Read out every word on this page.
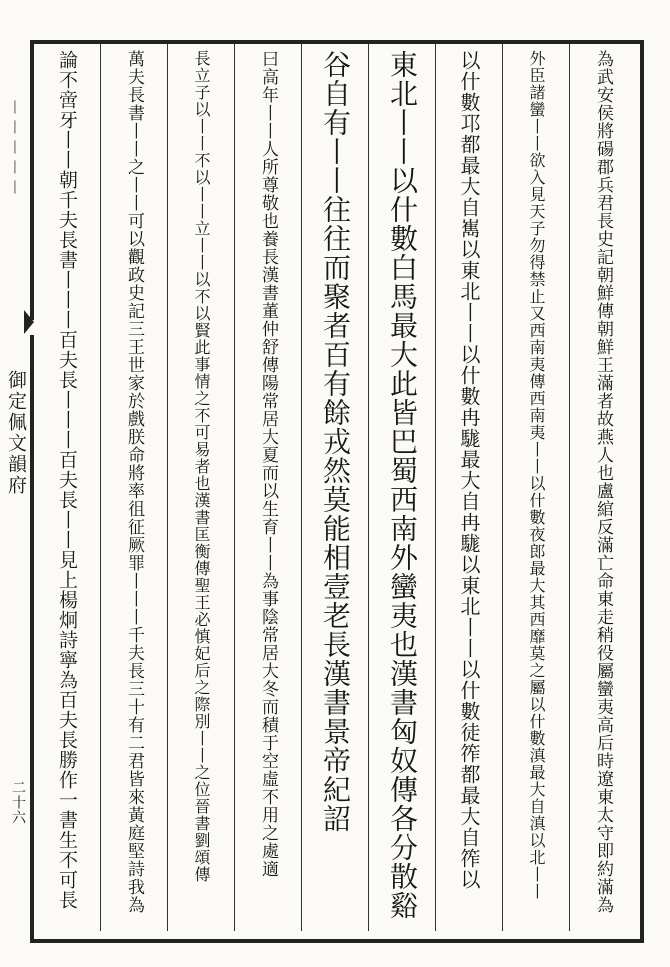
丨丨丨丨丨
御定佩文韻府
二十六	為武安侯將碭郡兵君長史記朝鮮傳朝鮮王滿者故燕人也盧綰反滿亡命東走稍役屬蠻夷高后時遼東太守即約滿為
外臣諸蠻丨丨欲入見天子勿得禁止又西南夷傳西南夷丨丨以什數夜郎最大其西靡莫之屬以什數滇最大自滇以北丨丨
以什數邛都最大自嶲以東北丨丨以什數冉駹最大自冉駹以東北丨丨以什數徒筰都最大自筰以
東北丨丨以什數白馬最大此皆巴蜀西南外蠻夷也漢書匈奴傳各分散谿
谷自有丨丨往往而聚者百有餘戎然莫能相壹老長漢書景帝紀詔
曰高年丨丨人所尊敬也養長漢書董仲舒傳陽常居大夏而以生育丨丨為事陰常居大冬而積于空虛不用之處適
長立子以丨丨不以丨丨立丨丨以不以賢此事情之不可易者也漢書匡衡傳聖王必慎妃后之際別丨丨之位晉書劉頌傳
萬夫長書丨丨之丨丨可以觀政史記三王世家於戲朕命將率徂征厥罪丨丨丨千夫長三十有二君皆來黃庭堅詩我為
論不啻牙丨丨朝千夫長書丨丨丨百夫長丨丨丨百夫長丨丨見上楊炯詩寧為百夫長勝作一書生不可長
